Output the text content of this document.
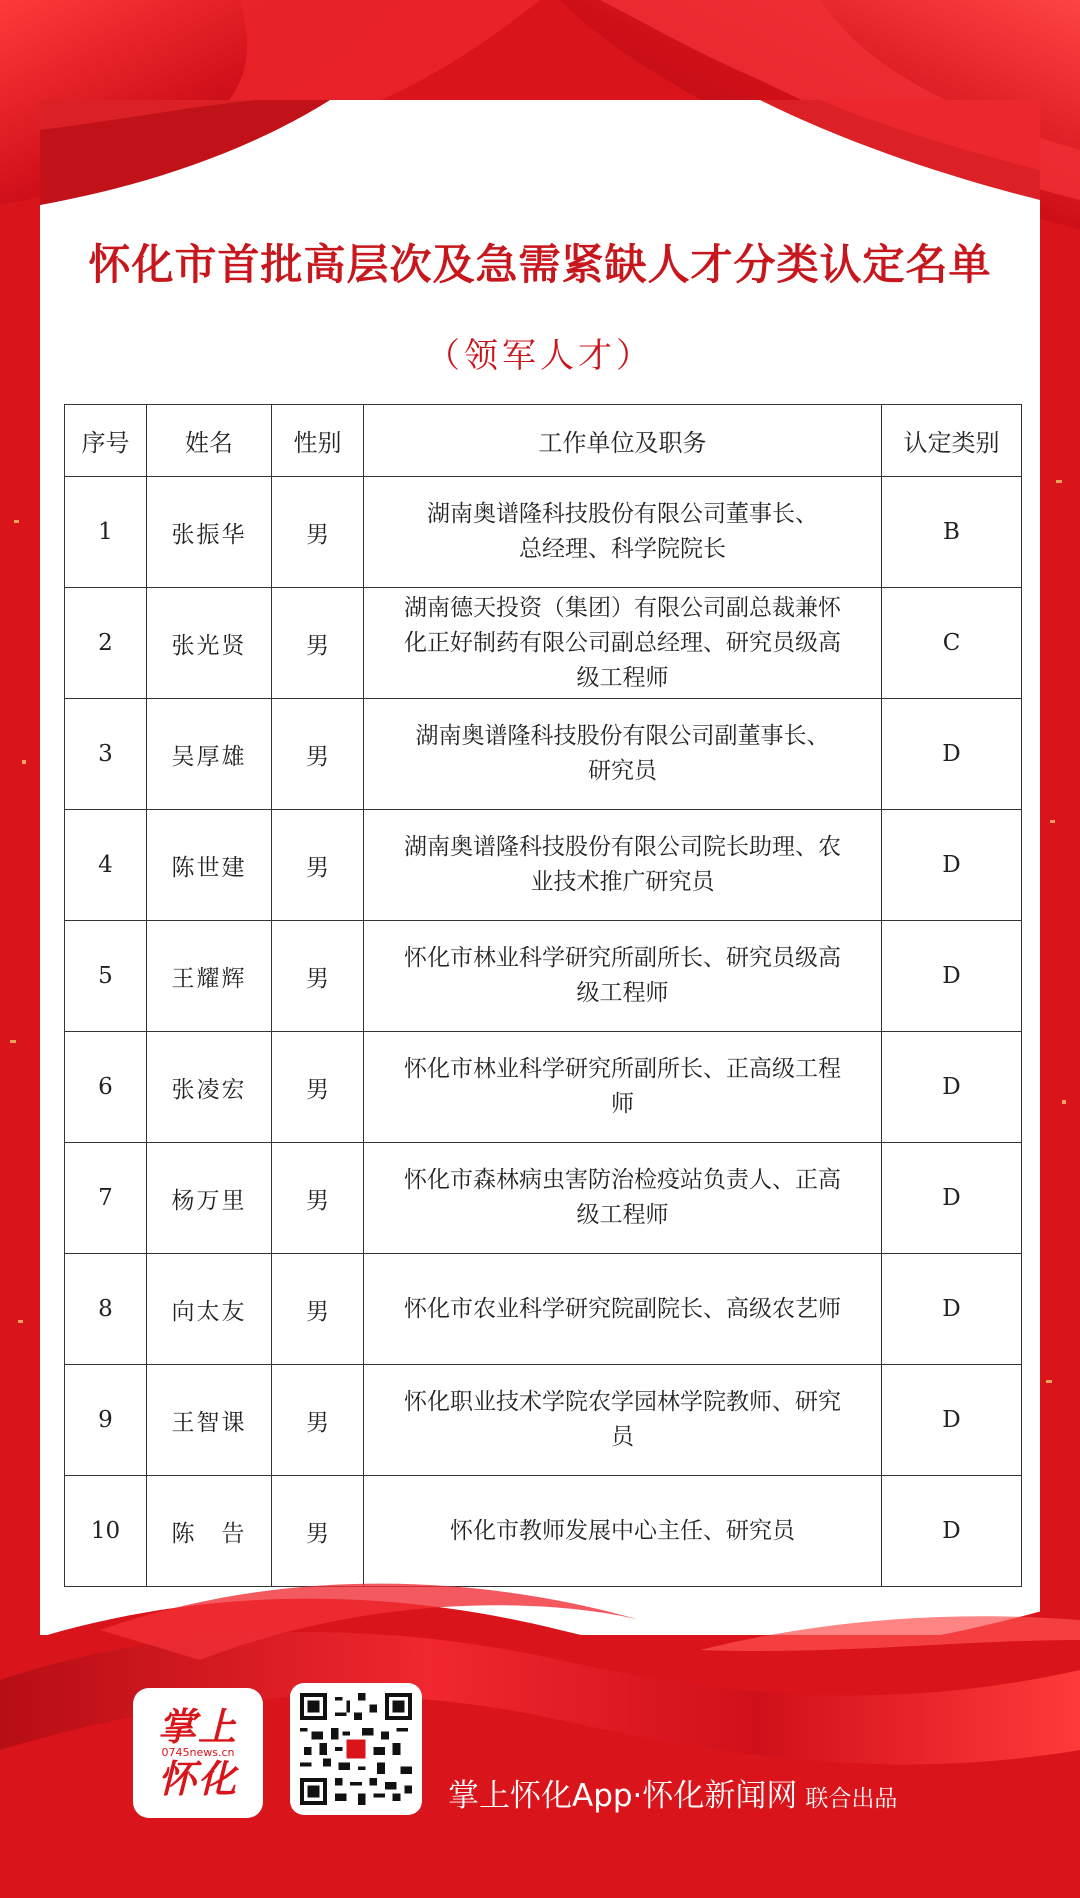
怀化市首批高层次及急需紧缺人才分类认定名单
（领军人才）
序号	姓名	性别	工作单位及职务	认定类别
1	张振华	男	湖南奥谱隆科技股份有限公司董事长、
总经理、科学院院长	B
2	张光贤	男	湖南德天投资（集团）有限公司副总裁兼怀
化正好制药有限公司副总经理、研究员级高
级工程师	C
3	吴厚雄	男	湖南奥谱隆科技股份有限公司副董事长、
研究员	D
4	陈世建	男	湖南奥谱隆科技股份有限公司院长助理、农
业技术推广研究员	D
5	王耀辉	男	怀化市林业科学研究所副所长、研究员级高
级工程师	D
6	张凌宏	男	怀化市林业科学研究所副所长、正高级工程
师	D
7	杨万里	男	怀化市森林病虫害防治检疫站负责人、正高
级工程师	D
8	向太友	男	怀化市农业科学研究院副院长、高级农艺师	D
9	王智课	男	怀化职业技术学院农学园林学院教师、研究
员	D
10	陈　告	男	怀化市教师发展中心主任、研究员	D
掌上
0745news.cn
怀化	掌上怀化App·怀化新闻网 联合出品
